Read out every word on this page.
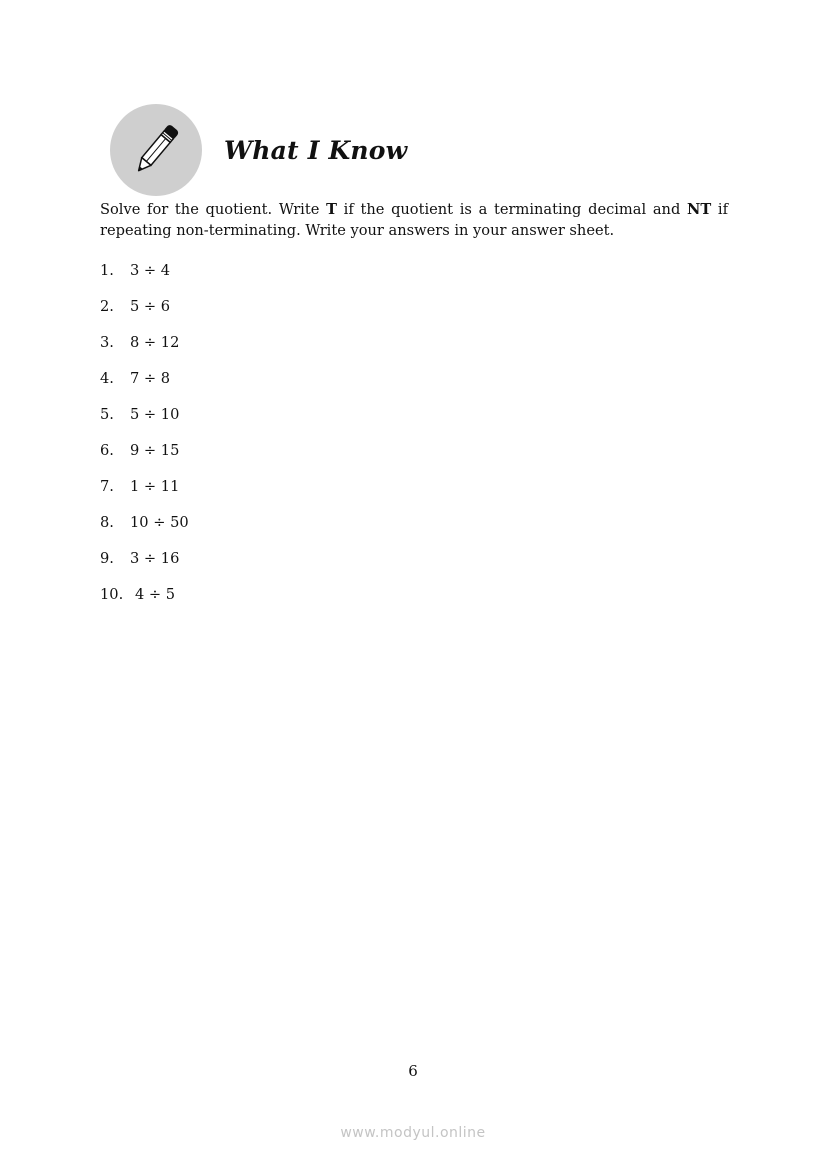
What I Know

Solve for the quotient. Write T if the quotient is a terminating decimal and NT if repeating non-terminating. Write your answers in your answer sheet.

1. 3 ÷ 4
2. 5 ÷ 6
3. 8 ÷ 12
4. 7 ÷ 8
5. 5 ÷ 10
6. 9 ÷ 15
7. 1 ÷ 11
8. 10 ÷ 50
9. 3 ÷ 16
10. 4 ÷ 5
6
www.modyul.online
